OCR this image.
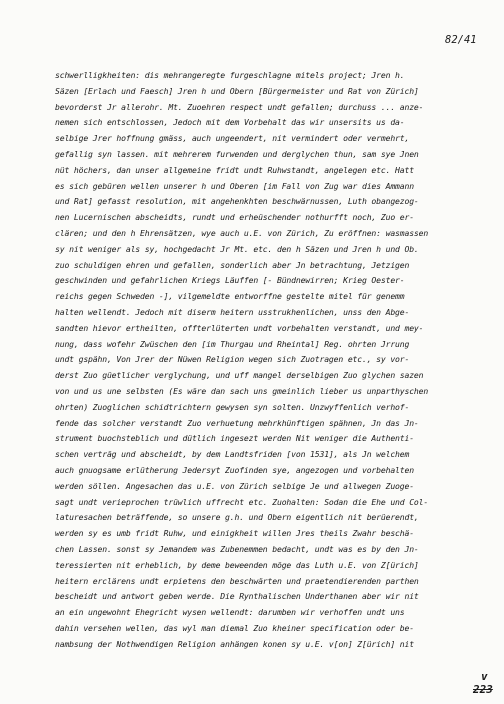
82/41
schwerlligkheiten: dis mehrangeregte furgeschlagne mitels project; Jren h.
Säzen [Erlach und Faesch] Jren h und Obern [Bürgermeister und Rat von Zürich]
bevorderst Jr allerohr. Mt. Zuoehren respect undt gefallen; durchuss ... anze-
nemen sich entschlossen, Jedoch mit dem Vorbehalt das wir unsersits us da-
selbige Jrer hoffnung gmäss, auch ungeendert, nit vermindert oder vermehrt,
gefallig syn lassen. mit mehrerem furwenden und derglychen thun, sam sye Jnen
nüt höchers, dan unser allgemeine fridt undt Ruhwstandt, angelegen etc. Hatt
es sich gebüren wellen unserer h und Oberen [im Fall von Zug war dies Ammann
und Rat] gefasst resolution, mit angehenkhten beschwärnussen, Luth obangezog-
nen Lucernischen abscheidts, rundt und erheüschender nothurfft noch, Zuo er-
clären; und den h Ehrensätzen, wye auch u.E. von Zürich, Zu eröffnen: wasmassen
sy nit weniger als sy, hochgedacht Jr Mt. etc. den h Säzen und Jren h und Ob.
zuo schuldigen ehren und gefallen, sonderlich aber Jn betrachtung, Jetzigen
geschwinden und gefahrlichen Kriegs Läuffen [- Bündnewirren; Krieg Oester-
reichs gegen Schweden -], vilgemeldte entworffne gestelte mitel für genemm
halten wellendt. Jedoch mit diserm heitern usstrukhenlichen, unss den Abge-
sandten hievor ertheilten, offterlüterten undt vorbehalten verstandt, und mey-
nung, dass wofehr Zwüschen den [im Thurgau und Rheintal] Reg. ohrten Jrrung
undt gspähn, Von Jrer der Nüwen Religion wegen sich Zuotragen etc., sy vor-
derst Zuo güetlicher verglychung, und uff mangel derselbigen Zuo glychen sazen
von und us une selbsten (Es wäre dan sach uns gmeinlich lieber us unparthyschen
ohrten) Zuoglichen schidtrichtern gewysen syn solten. Unzwyffenlich verhof-
fende das solcher verstandt Zuo verhuetung mehrkhünftigen spähnen, Jn das Jn-
strument buochsteblich und dütlich ingesezt werden Nit weniger die Authenti-
schen verträg und abscheidt, by dem Landtsfriden [von 1531], als Jn welchem
auch gnuogsame erlütherung Jedersyt Zuofinden sye, angezogen und vorbehalten
werden söllen. Angesachen das u.E. von Zürich selbige Je und allwegen Zuoge-
sagt undt verieprochen trüwlich uffrecht etc. Zuohalten: Sodan die Ehe und Col-
laturesachen beträffende, so unsere g.h. und Obern eigentlich nit berüerendt,
werden sy es umb fridt Ruhw, und einigkheit willen Jres theils Zwahr beschä-
chen Lassen. sonst sy Jemandem was Zubenemmen bedacht, undt was es by den Jn-
teressierten nit erheblich, by deme beweenden möge das Luth u.E. von Z[ürich]
heitern erclärens undt erpietens den beschwärten und praetendierenden parthen
bescheidt und antwort geben werde. Die Rynthalischen Underthanen aber wir nit
an ein ungewohnt Ehegricht wysen wellendt: darumben wir verhoffen undt uns
dahin versehen wellen, das wyl man diemal Zuo kheiner specification oder be-
nambsung der Nothwendigen Religion anhängen konen sy u.E. v[on] Z[ürich] nit
v
223
